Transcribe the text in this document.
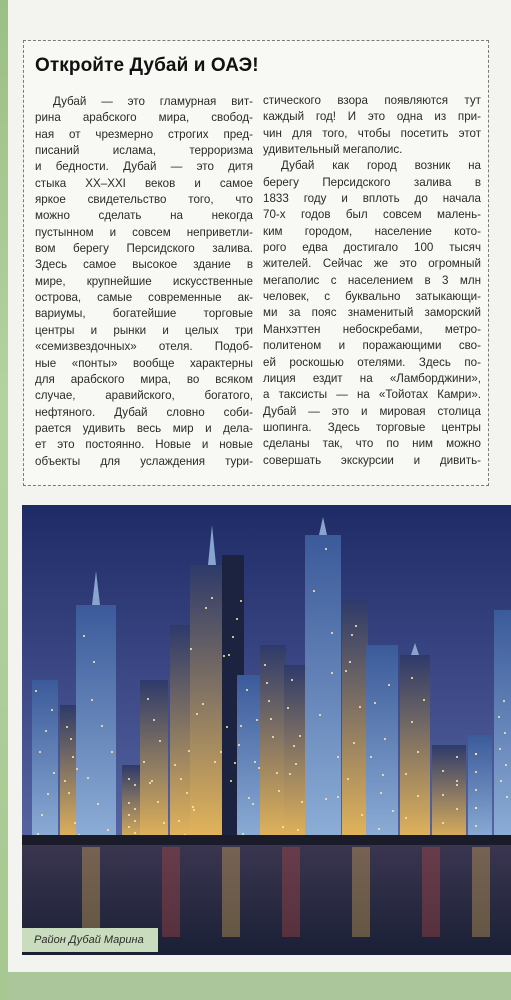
Откройте Дубай и ОАЭ!
Дубай — это гламурная вит-
рина арабского мира, свобод-
ная от чрезмерно строгих пред-
писаний ислама, терроризма
и бедности. Дубай — это дитя
стыка XX–XXI веков и самое
яркое свидетельство того, что
можно сделать на некогда
пустынном и совсем неприветли-
вом берегу Персидского залива.
Здесь самое высокое здание в
мире, крупнейшие искусственные
острова, самые современные ак-
вариумы, богатейшие торговые
центры и рынки и целых три
«семизвездочных» отеля. Подоб-
ные «понты» вообще характерны
для арабского мира, во всяком
случае, аравийского, богатого,
нефтяного. Дубай словно соби-
рается удивить весь мир и дела-
ет это постоянно. Новые и новые
объекты для услаждения тури-
стического взора появляются тут
каждый год! И это одна из при-
чин для того, чтобы посетить этот
удивительный мегаполис.
Дубай как город возник на
берегу Персидского залива в
1833 году и вплоть до начала
70-х годов был совсем малень-
ким городом, население кото-
рого едва достигало 100 тысяч
жителей. Сейчас же это огромный
мегаполис с населением в 3 млн
человек, с буквально затыкающи-
ми за пояс знаменитый заморский
Манхэттен небоскребами, метро-
политеном и поражающими сво-
ей роскошью отелями. Здесь по-
лиция ездит на «Ламборджини»,
а таксисты — на «Тойотах Камри».
Дубай — это и мировая столица
шопинга. Здесь торговые центры
сделаны так, что по ним можно
совершать экскурсии и дивить-
Район Дубай Марина
